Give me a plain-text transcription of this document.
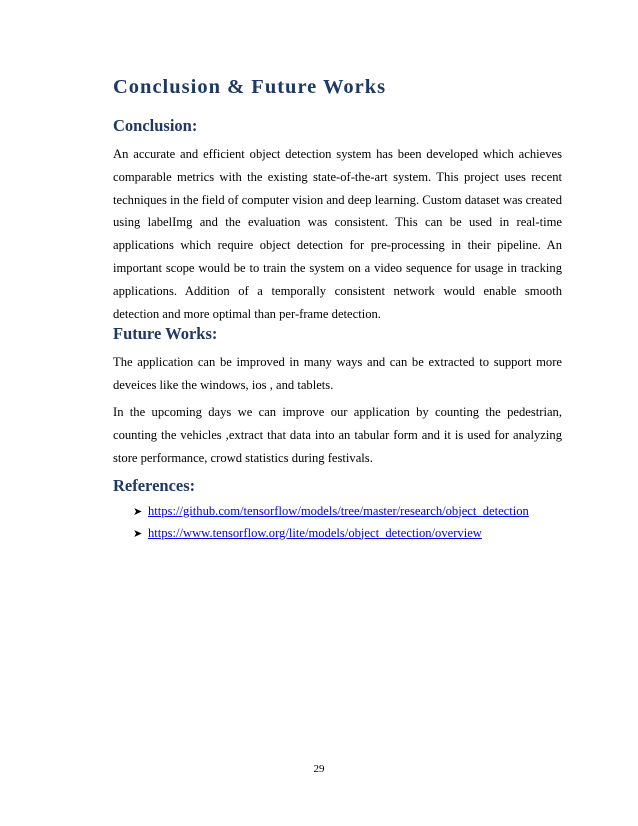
Conclusion & Future Works
Conclusion:

An accurate and efficient object detection system has been developed which achieves comparable metrics with the existing state-of-the-art system. This project uses recent techniques in the field of computer vision and deep learning. Custom dataset was created using labelImg and the evaluation was consistent. This can be used in real-time applications which require object detection for pre-processing in their pipeline. An important scope would be to train the system on a video sequence for usage in tracking applications. Addition of a temporally consistent network would enable smooth detection and more optimal than per-frame detection.

Future Works:

The application can be improved in many ways and can be extracted to support more deveices like the windows, ios , and tablets.

In the upcoming days we can improve our application by counting the pedestrian, counting the vehicles ,extract that data into an tabular form and it is used for analyzing store performance, crowd statistics during festivals.

References:
➤ https://github.com/tensorflow/models/tree/master/research/object_detection
➤ https://www.tensorflow.org/lite/models/object_detection/overview
29
